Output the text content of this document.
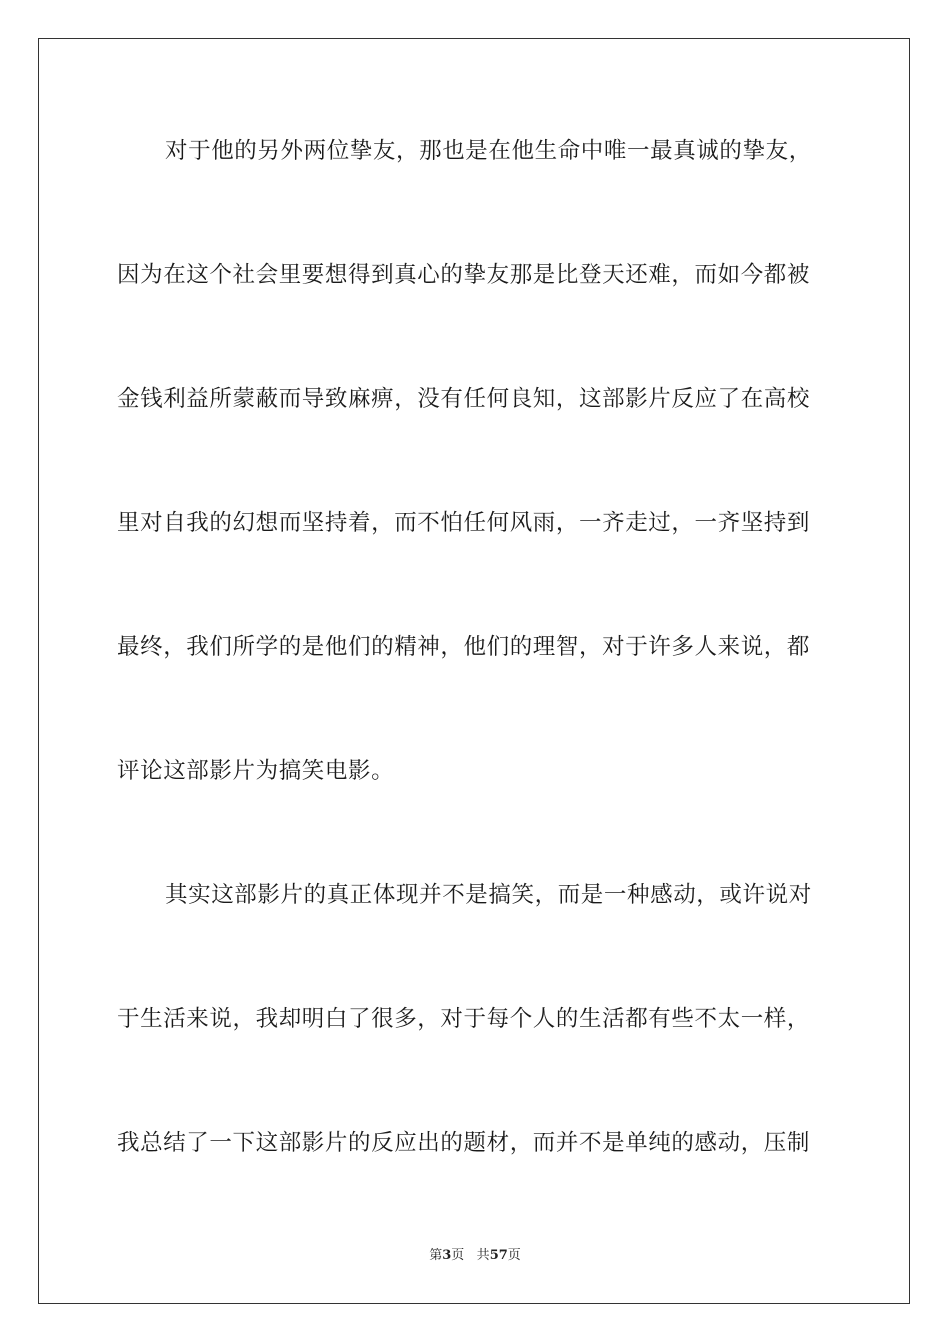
对于他的另外两位挚友，那也是在他生命中唯一最真诚的挚友，
因为在这个社会里要想得到真心的挚友那是比登天还难，而如今都被
金钱利益所蒙蔽而导致麻痹，没有任何良知，这部影片反应了在高校
里对自我的幻想而坚持着，而不怕任何风雨，一齐走过，一齐坚持到
最终，我们所学的是他们的精神，他们的理智，对于许多人来说，都
评论这部影片为搞笑电影。
其实这部影片的真正体现并不是搞笑，而是一种感动，或许说对
于生活来说，我却明白了很多，对于每个人的生活都有些不太一样，
我总结了一下这部影片的反应出的题材，而并不是单纯的感动，压制
第3页 共57页
